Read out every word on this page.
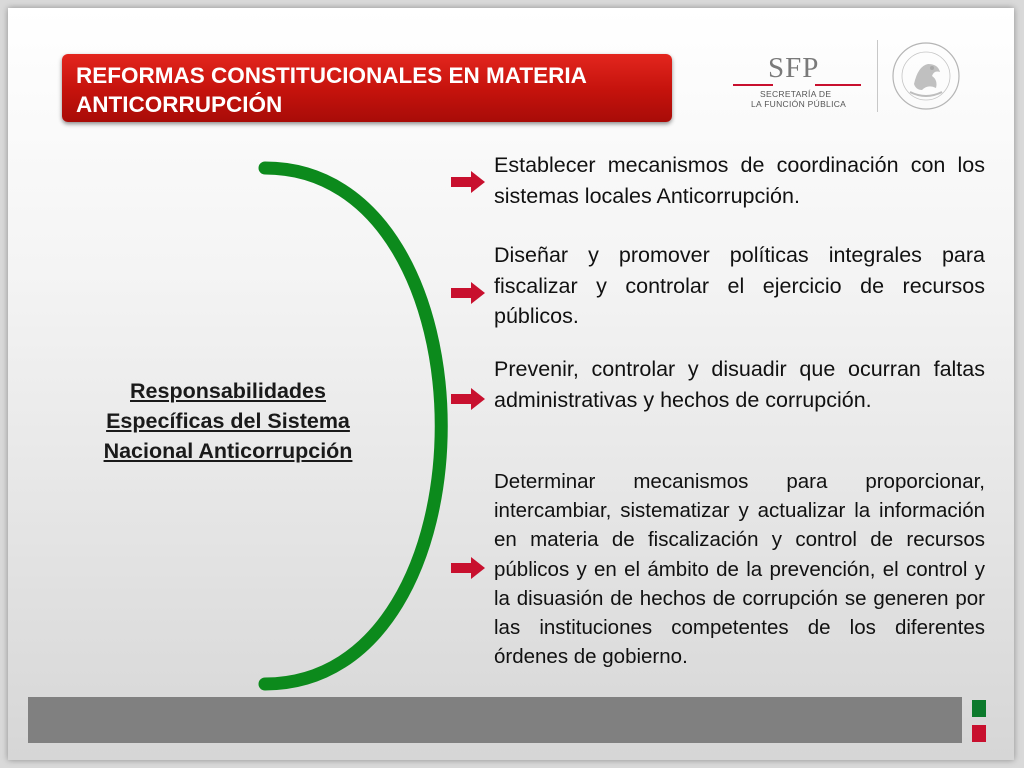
REFORMAS CONSTITUCIONALES EN MATERIA
ANTICORRUPCIÓN
SFP
SECRETARÍA DE
LA FUNCIÓN PÚBLICA
Responsabilidades
Específicas del Sistema
Nacional Anticorrupción
Establecer mecanismos de coordinación con los sistemas locales Anticorrupción.
Diseñar y promover políticas integrales para fiscalizar y controlar el ejercicio de recursos públicos.
Prevenir, controlar y disuadir que ocurran faltas administrativas y hechos de corrupción.
Determinar mecanismos para proporcionar, intercambiar, sistematizar y actualizar la información en materia de fiscalización y control de recursos públicos y en el ámbito de la prevención, el control y la disuasión de hechos de corrupción se generen por las instituciones competentes de los diferentes órdenes de gobierno.
